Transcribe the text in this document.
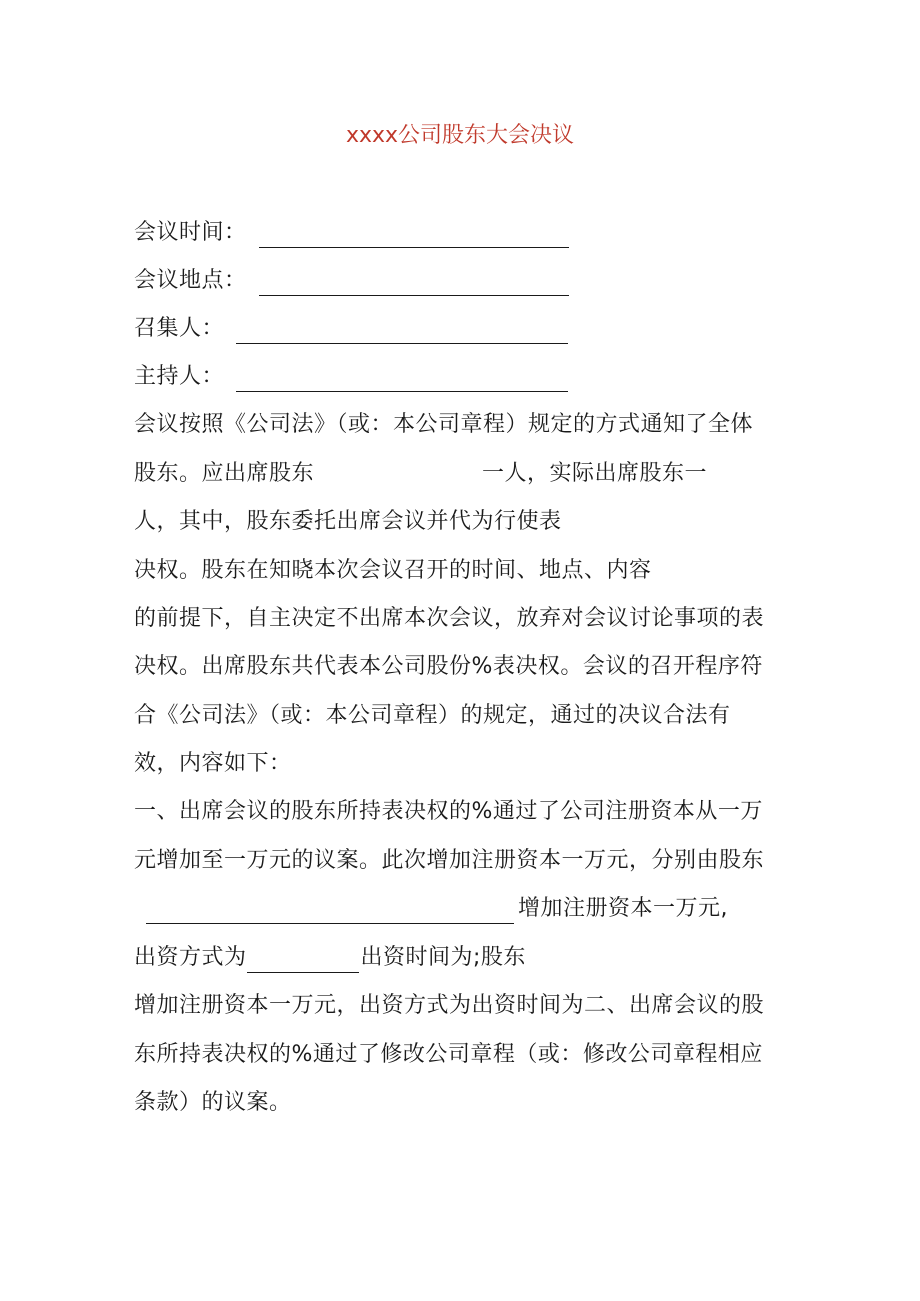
xxxx公司股东大会决议
会议时间：
会议地点：
召集人：
主持人：
会议按照《公司法》（或：本公司章程）规定的方式通知了全体
股东。应出席股东	一人，实际出席股东一
人，其中，股东委托出席会议并代为行使表
决权。股东在知晓本次会议召开的时间、地点、内容
的前提下，自主决定不出席本次会议，放弃对会议讨论事项的表
决权。出席股东共代表本公司股份%表决权。会议的召开程序符
合《公司法》（或：本公司章程）的规定，通过的决议合法有
效，内容如下：
一、出席会议的股东所持表决权的%通过了公司注册资本从一万
元增加至一万元的议案。此次增加注册资本一万元，分别由股东
增加注册资本一万元,
出资方式为	出资时间为;股东
增加注册资本一万元，出资方式为出资时间为二、出席会议的股
东所持表决权的%通过了修改公司章程（或：修改公司章程相应
条款）的议案。
